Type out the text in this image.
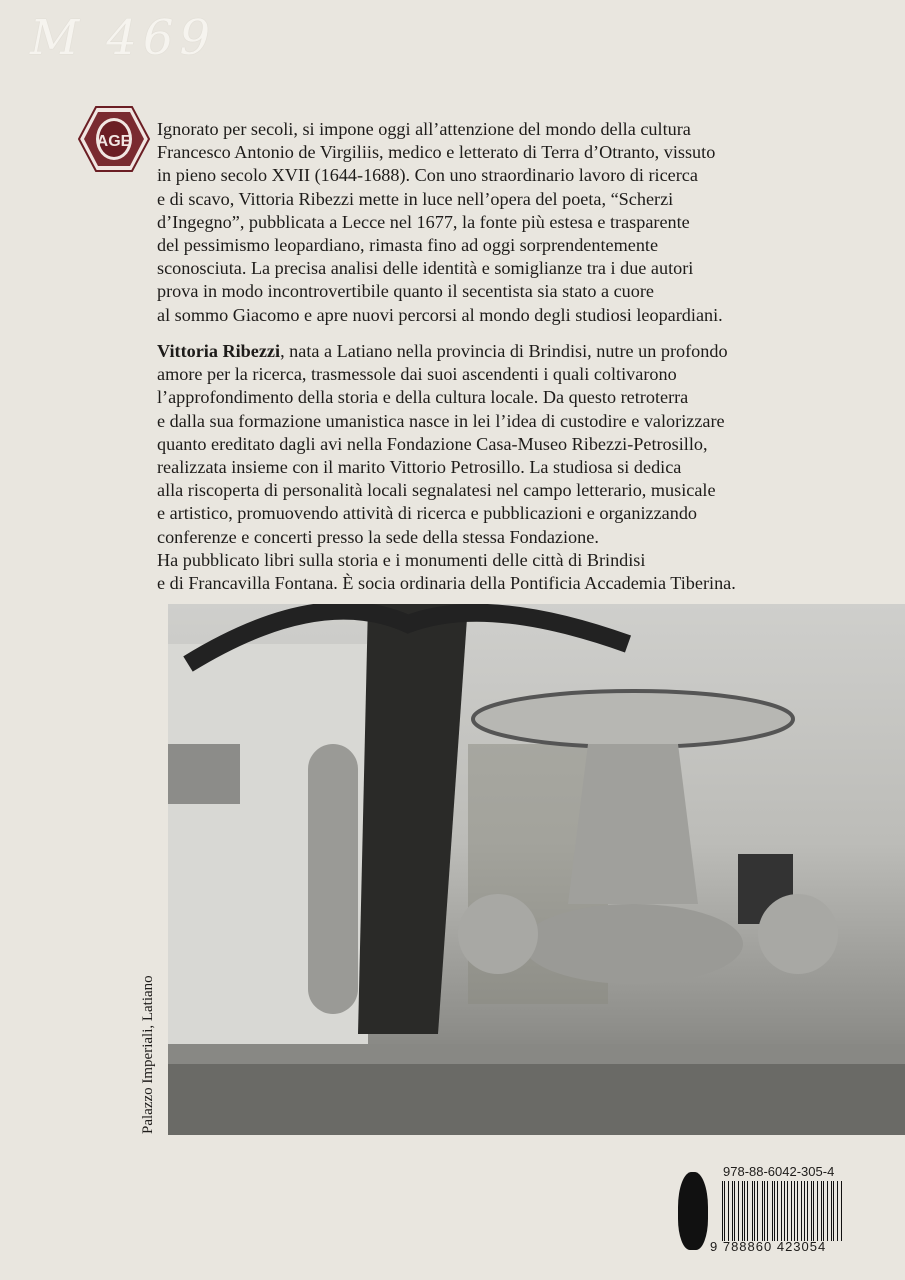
M 469
AGE

Ignorato per secoli, si impone oggi all’attenzione del mondo della cultura

Francesco Antonio de Virgiliis, medico e letterato di Terra d’Otranto, vissuto

in pieno secolo XVII (1644-1688). Con uno straordinario lavoro di ricerca

e di scavo, Vittoria Ribezzi mette in luce nell’opera del poeta, “Scherzi

d’Ingegno”, pubblicata a Lecce nel 1677, la fonte più estesa e trasparente

del pessimismo leopardiano, rimasta fino ad oggi sorprendentemente

sconosciuta. La precisa analisi delle identità e somiglianze tra i due autori

prova in modo incontrovertibile quanto il secentista sia stato a cuore

al sommo Giacomo e apre nuovi percorsi al mondo degli studiosi leopardiani.

Vittoria Ribezzi, nata a Latiano nella provincia di Brindisi, nutre un profondo

amore per la ricerca, trasmessole dai suoi ascendenti i quali coltivarono

l’approfondimento della storia e della cultura locale. Da questo retroterra

e dalla sua formazione umanistica nasce in lei l’idea di custodire e valorizzare

quanto ereditato dagli avi nella Fondazione Casa-Museo Ribezzi-Petrosillo,

realizzata insieme con il marito Vittorio Petrosillo. La studiosa si dedica

alla riscoperta di personalità locali segnalatesi nel campo letterario, musicale

e artistico, promuovendo attività di ricerca e pubblicazioni e organizzando

conferenze e concerti presso la sede della stessa Fondazione.

Ha pubblicato libri sulla storia e i monumenti delle città di Brindisi

e di Francavilla Fontana. È socia ordinaria della Pontificia Accademia Tiberina.

Palazzo Imperiali, Latiano
978-88-6042-305-4
9 788860 423054
